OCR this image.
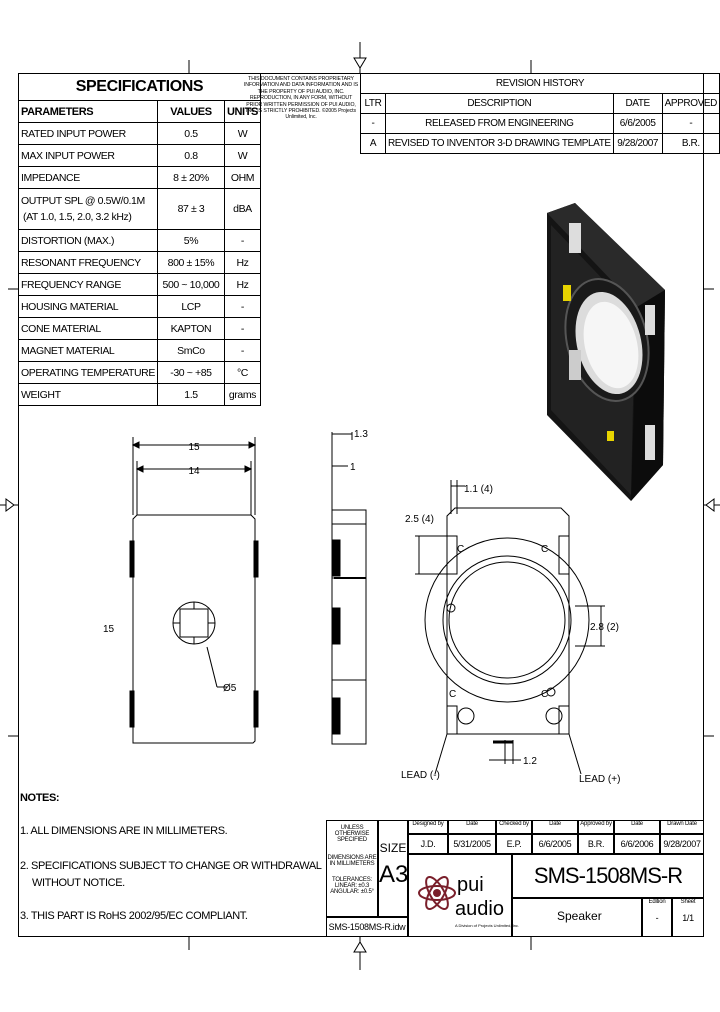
SPECIFICATIONS		
PARAMETERS	VALUES	UNITS
RATED INPUT POWER	0.5	W
MAX INPUT POWER	0.8	W
IMPEDANCE	8 ± 20%	OHM

OUTPUT SPL @ 0.5W/0.1M
(AT 1.0, 1.5, 2.0, 3.2 kHz)	87 ± 3	dBA
DISTORTION (MAX.)	5%	-
RESONANT FREQUENCY	800 ± 15%	Hz
FREQUENCY RANGE	500 ~ 10,000	Hz
HOUSING MATERIAL	LCP	-
CONE MATERIAL	KAPTON	-
MAGNET MATERIAL	SmCo	-
OPERATING TEMPERATURE	-30 ~ +85	°C
WEIGHT	1.5	grams
THIS DOCUMENT CONTAINS PROPRIETARY INFORMATION AND DATA INFORMATION AND IS THE PROPERTY OF PUI AUDIO, INC. REPRODUCTION, IN ANY FORM, WITHOUT PRIOR WRITTEN PERMISSION OF PUI AUDIO, INC. IS STRICTLY PROHIBITED. ©2005 Projects Unlimited, Inc.
REVISION HISTORY			
LTR	DESCRIPTION	DATE	APPROVED
-	RELEASED FROM ENGINEERING	6/6/2005	-
A	REVISED TO INVENTOR 3-D DRAWING TEMPLATE	9/28/2007	B.R.
15
14
15
Ø5
1.3
1
1.1 (4)
2.5 (4)
2.8 (2)
1.2
LEAD (-)	LEAD (+)
C	C
C	C
NOTES:
1. ALL DIMENSIONS ARE IN MILLIMETERS.
2. SPECIFICATIONS SUBJECT TO CHANGE OR WITHDRAWAL
WITHOUT NOTICE.
3. THIS PART IS RoHS 2002/95/EC COMPLIANT.
UNLESS OTHERWISE SPECIFIED
DIMENSIONS ARE IN MILLIMETERS
TOLERANCES: LINEAR: ±0.3 ANGULAR: ±0.5°
SMS-1508MS-R.idw
SIZE
A3
Designed by	Date	Checked by	Date	Approved by	Date	Drawn Date
J.D.	5/31/2005	E.P.	6/6/2005	B.R.	6/6/2006	9/28/2007
pui
audio
A Division of Projects Unlimited, Inc.
SMS-1508MS-R
Speaker
Edition
-
Sheet
1/1
